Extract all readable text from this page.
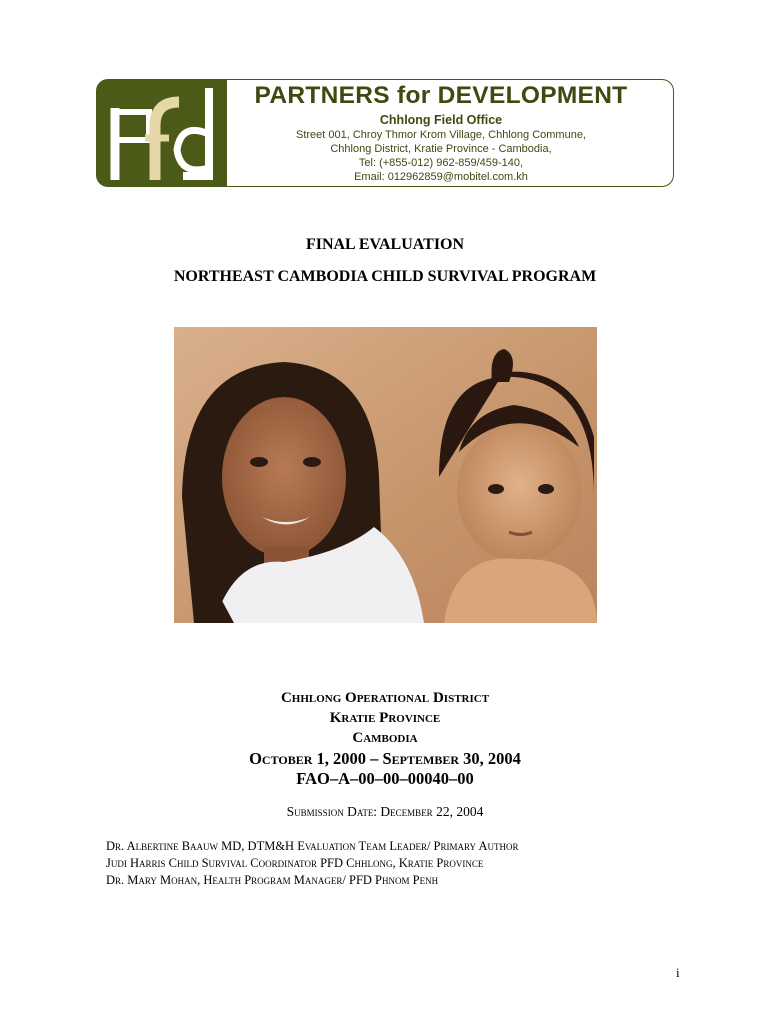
PARTNERS for DEVELOPMENT
Chhlong Field Office
Street 001, Chroy Thmor Krom Village, Chhlong Commune,
Chhlong District, Kratie Province - Cambodia,
Tel: (+855-012) 962-859/459-140,
Email: 012962859@mobitel.com.kh
FINAL EVALUATION
NORTHEAST CAMBODIA CHILD SURVIVAL PROGRAM
Chhlong Operational District
Kratie Province
Cambodia
October 1, 2000 – September 30, 2004
FAO–A–00–00–00040–00
Submission Date: December 22, 2004
Dr. Albertine Baauw MD, DTM&H Evaluation Team Leader/ Primary Author
Judi Harris Child Survival Coordinator PFD Chhlong, Kratie Province
Dr. Mary Mohan, Health Program Manager/ PFD Phnom Penh
i
